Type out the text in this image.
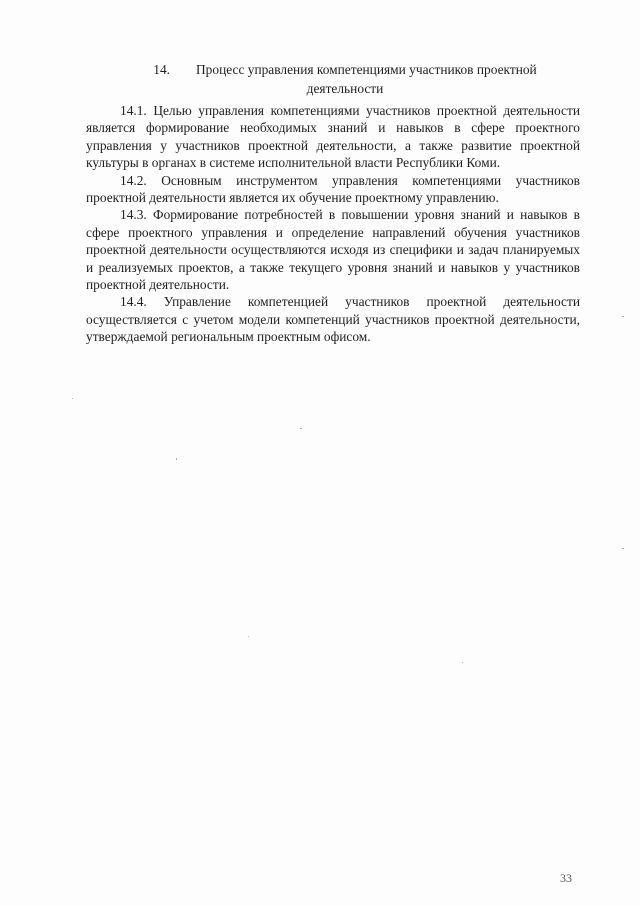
14. Процесс управления компетенциями участников проектной
деятельности

14.1. Целью управления компетенциями участников проектной деятельности является формирование необходимых знаний и навыков в сфере проектного управления у участников проектной деятельности, а также развитие проектной культуры в органах в системе исполнительной власти Республики Коми.

14.2. Основным инструментом управления компетенциями участников проектной деятельности является их обучение проектному управлению.

14.3. Формирование потребностей в повышении уровня знаний и навыков в сфере проектного управления и определение направлений обучения участников проектной деятельности осуществляются исходя из специфики и задач планируемых и реализуемых проектов, а также текущего уровня знаний и навыков у участников проектной деятельности.

14.4. Управление компетенцией участников проектной деятельности осуществляется с учетом модели компетенций участников проектной деятельности, утверждаемой региональным проектным офисом.

33
